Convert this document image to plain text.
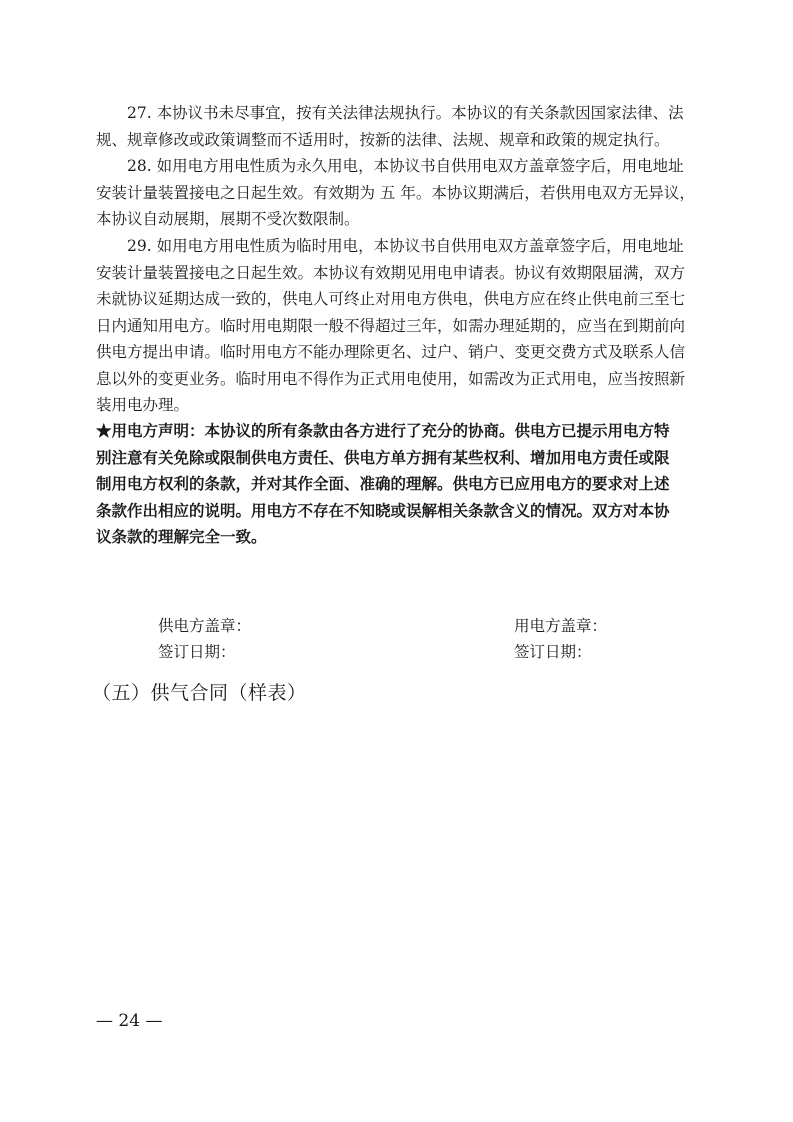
27. 本协议书未尽事宜，按有关法律法规执行。本协议的有关条款因国家法律、法
规、规章修改或政策调整而不适用时，按新的法律、法规、规章和政策的规定执行。

28. 如用电方用电性质为永久用电，本协议书自供用电双方盖章签字后，用电地址
安装计量装置接电之日起生效。有效期为 五 年。本协议期满后，若供用电双方无异议，
本协议自动展期，展期不受次数限制。

29. 如用电方用电性质为临时用电，本协议书自供用电双方盖章签字后，用电地址
安装计量装置接电之日起生效。本协议有效期见用电申请表。协议有效期限届满，双方
未就协议延期达成一致的，供电人可终止对用电方供电，供电方应在终止供电前三至七
日内通知用电方。临时用电期限一般不得超过三年，如需办理延期的，应当在到期前向
供电方提出申请。临时用电方不能办理除更名、过户、销户、变更交费方式及联系人信
息以外的变更业务。临时用电不得作为正式用电使用，如需改为正式用电，应当按照新
装用电办理。

★用电方声明：本协议的所有条款由各方进行了充分的协商。供电方已提示用电方特
别注意有关免除或限制供电方责任、供电方单方拥有某些权利、增加用电方责任或限
制用电方权利的条款，并对其作全面、准确的理解。供电方已应用电方的要求对上述
条款作出相应的说明。用电方不存在不知晓或误解相关条款含义的情况。双方对本协
议条款的理解完全一致。

供电方盖章：
签订日期：
用电方盖章：
签订日期：
（五）供气合同（样表）
— 24 —
